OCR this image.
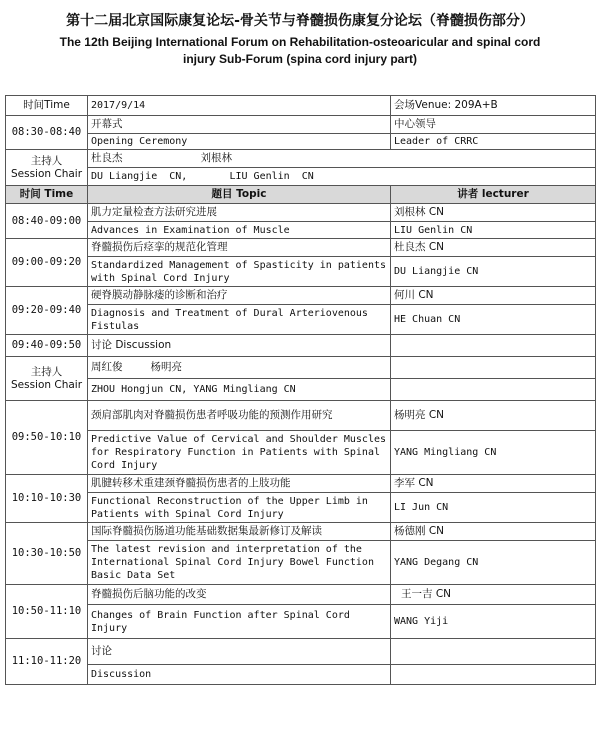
第十二届北京国际康复论坛-骨关节与脊髓损伤康复分论坛（脊髓损伤部分）
The 12th Beijing International Forum on Rehabilitation-osteoaricular and spinal cord
injury Sub-Forum (spina cord injury part)
时间Time	2017/9/14	会场Venue: 209A+B
08:30-08:40	开幕式	中心领导
	Opening Ceremony	Leader of CRRC

主持人
Session Chair	杜良杰 刘根林	
	DU Liangjie  CN,       LIU Genlin  CN	
时间 Time	题目 Topic	讲者 lecturer
08:40-09:00	肌力定量检查方法研究进展	刘根林 CN
	Advances in Examination of Muscle	LIU Genlin CN
09:00-09:20	脊髓损伤后痉挛的规范化管理	杜良杰 CN
	Standardized Management of Spasticity in patients with Spinal Cord Injury	DU Liangjie CN
09:20-09:40	硬脊膜动静脉瘘的诊断和治疗	何川 CN
	Diagnosis and Treatment of Dural Arteriovenous Fistulas	HE Chuan CN
09:40-09:50	讨论 Discussion	

主持人
Session Chair	周红俊 杨明亮	
	ZHOU Hongjun CN, YANG Mingliang CN	
09:50-10:10	颈肩部肌肉对脊髓损伤患者呼吸功能的预测作用研究	杨明亮 CN
	Predictive Value of Cervical and Shoulder Muscles for Respiratory Function in Patients with Spinal Cord Injury	YANG Mingliang CN
10:10-10:30	肌腱转移术重建颈脊髓损伤患者的上肢功能	李军 CN
	Functional Reconstruction of the Upper Limb in Patients with Spinal Cord Injury	LI Jun CN
10:30-10:50	国际脊髓损伤肠道功能基础数据集最新修订及解读	杨德刚 CN
	The latest revision and interpretation of the International Spinal Cord Injury Bowel Function Basic Data Set	YANG Degang CN
10:50-11:10	脊髓损伤后脑功能的改变	王一吉 CN
	Changes of Brain Function after Spinal Cord Injury	WANG Yiji
11:10-11:20	讨论	
	Discussion	
